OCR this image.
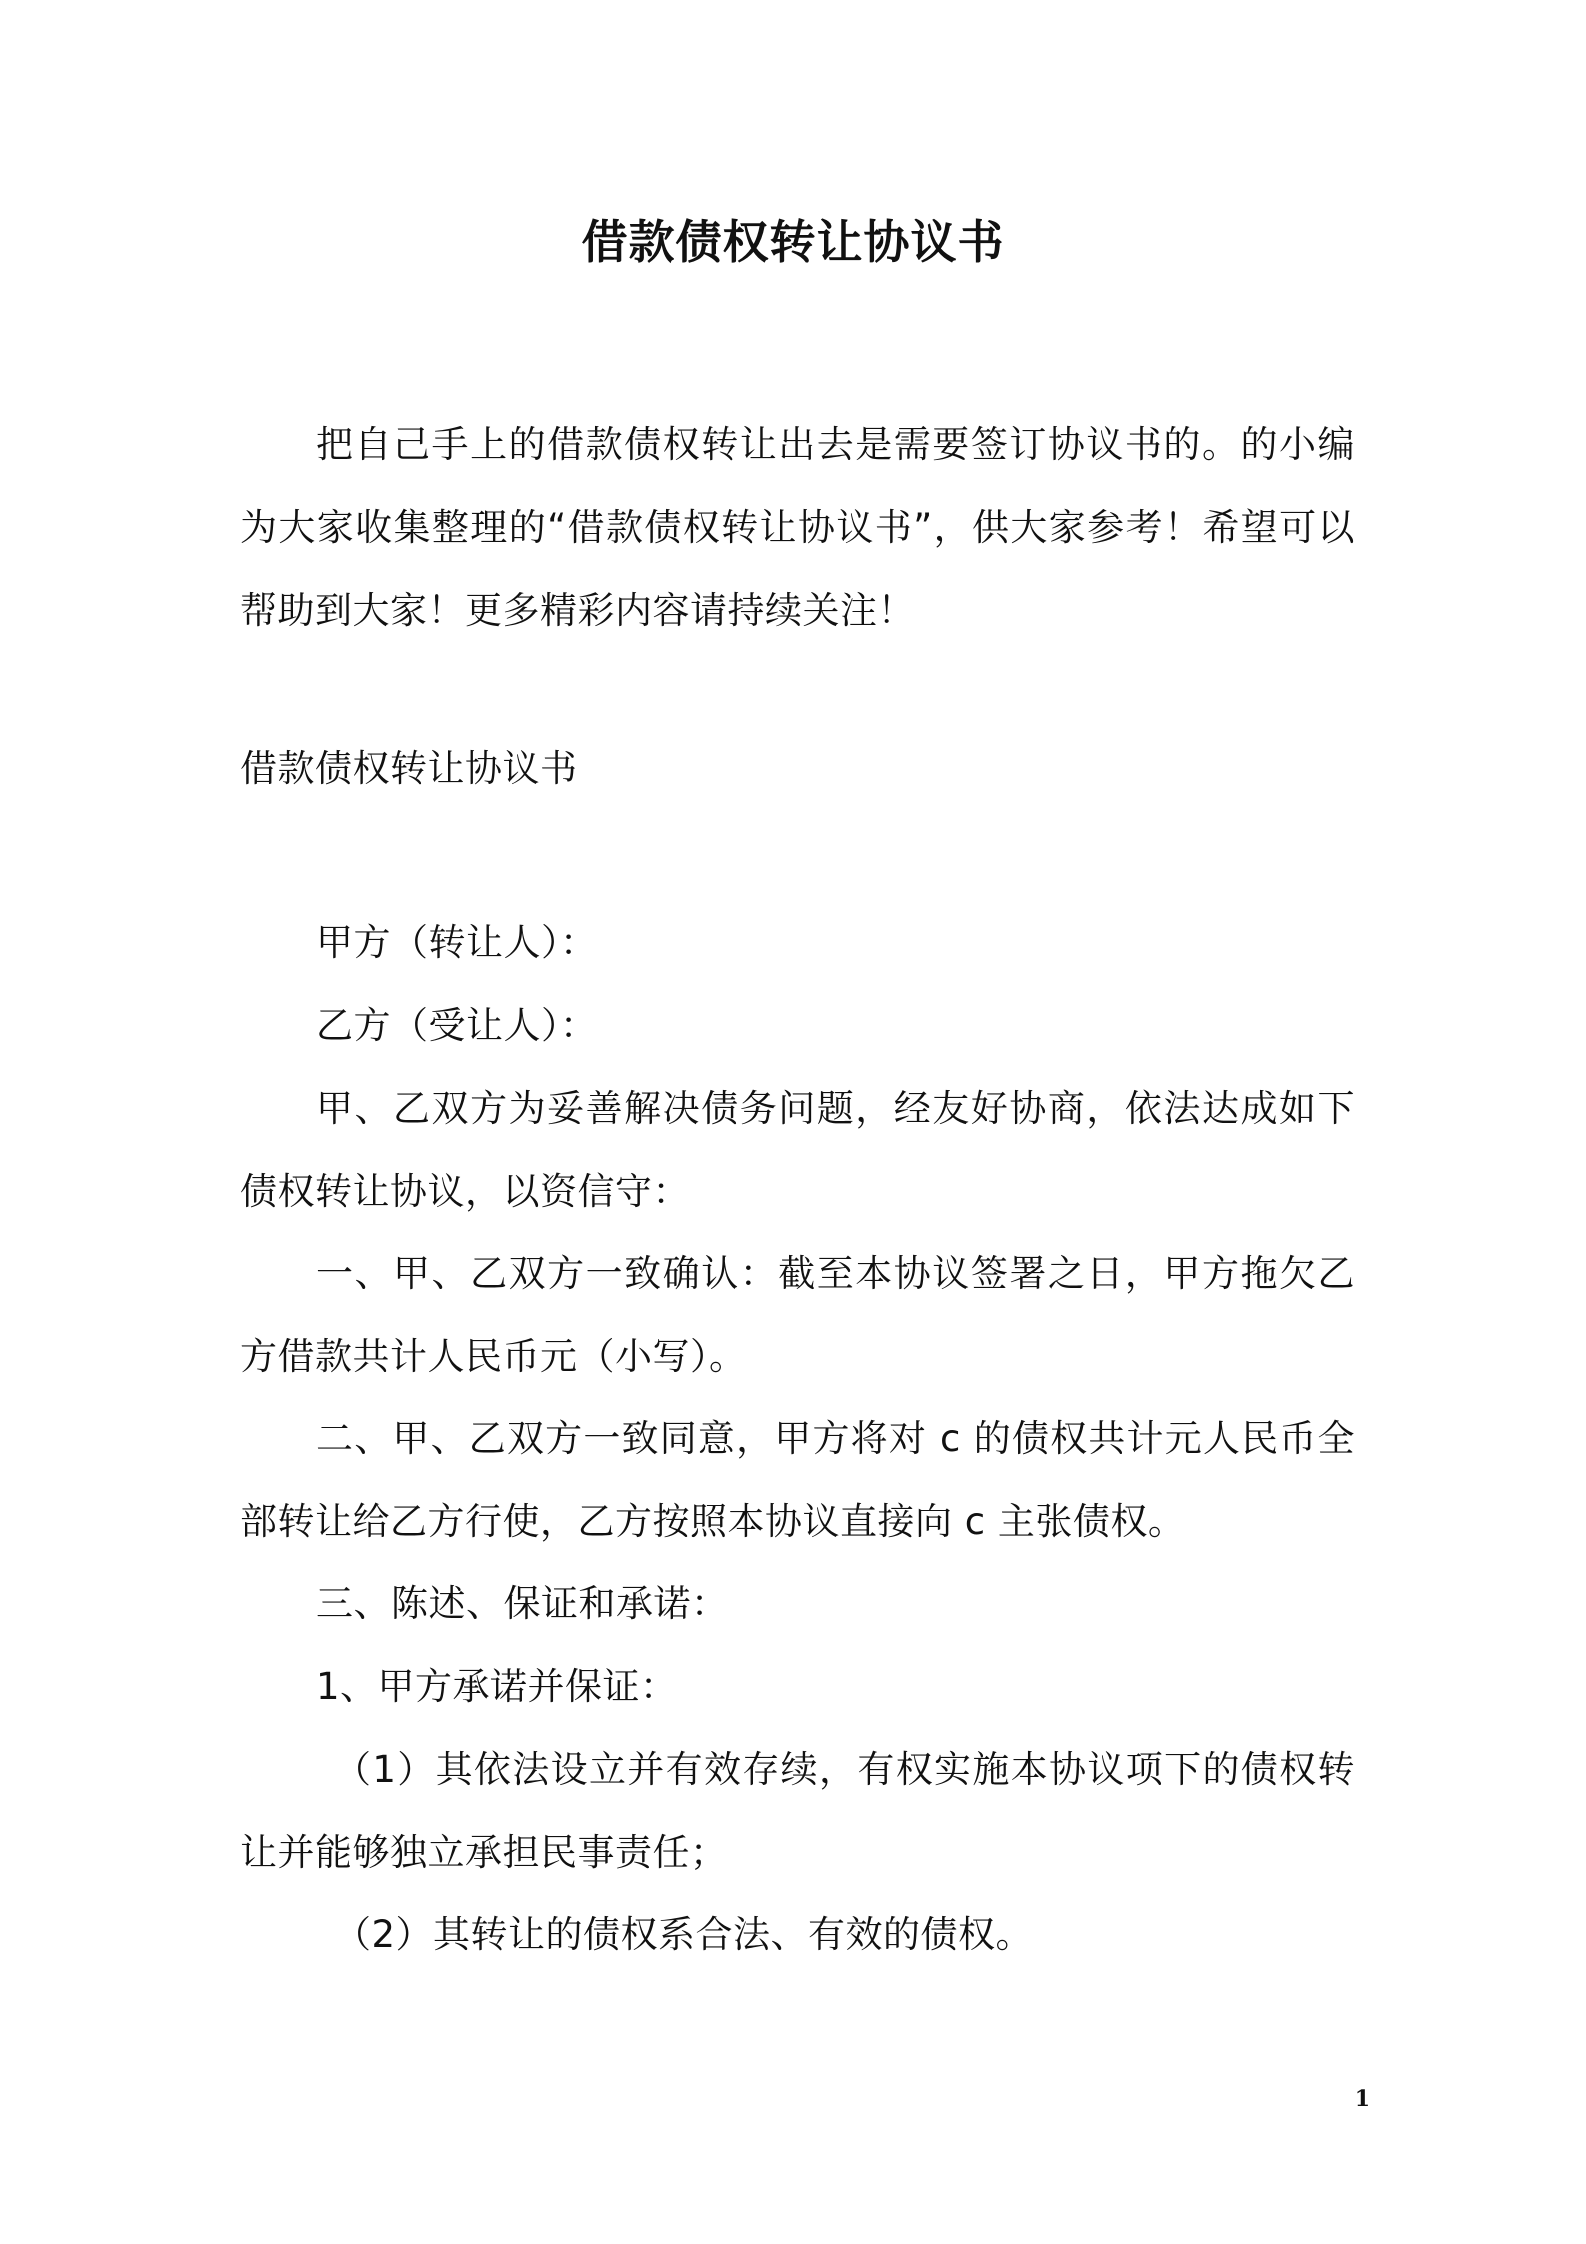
借款债权转让协议书

把自己手上的借款债权转让出去是需要签订协议书的。的小编为大家收集整理的“借款债权转让协议书”，供大家参考！希望可以帮助到大家！更多精彩内容请持续关注！

借款债权转让协议书

甲方（转让人）：

乙方（受让人）：

甲、乙双方为妥善解决债务问题，经友好协商，依法达成如下债权转让协议，以资信守：

一、甲、乙双方一致确认：截至本协议签署之日，甲方拖欠乙方借款共计人民币元（小写）。

二、甲、乙双方一致同意，甲方将对 c 的债权共计元人民币全部转让给乙方行使，乙方按照本协议直接向 c 主张债权。

三、陈述、保证和承诺：

1、甲方承诺并保证：

（1）其依法设立并有效存续，有权实施本协议项下的债权转让并能够独立承担民事责任；

（2）其转让的债权系合法、有效的债权。

1
